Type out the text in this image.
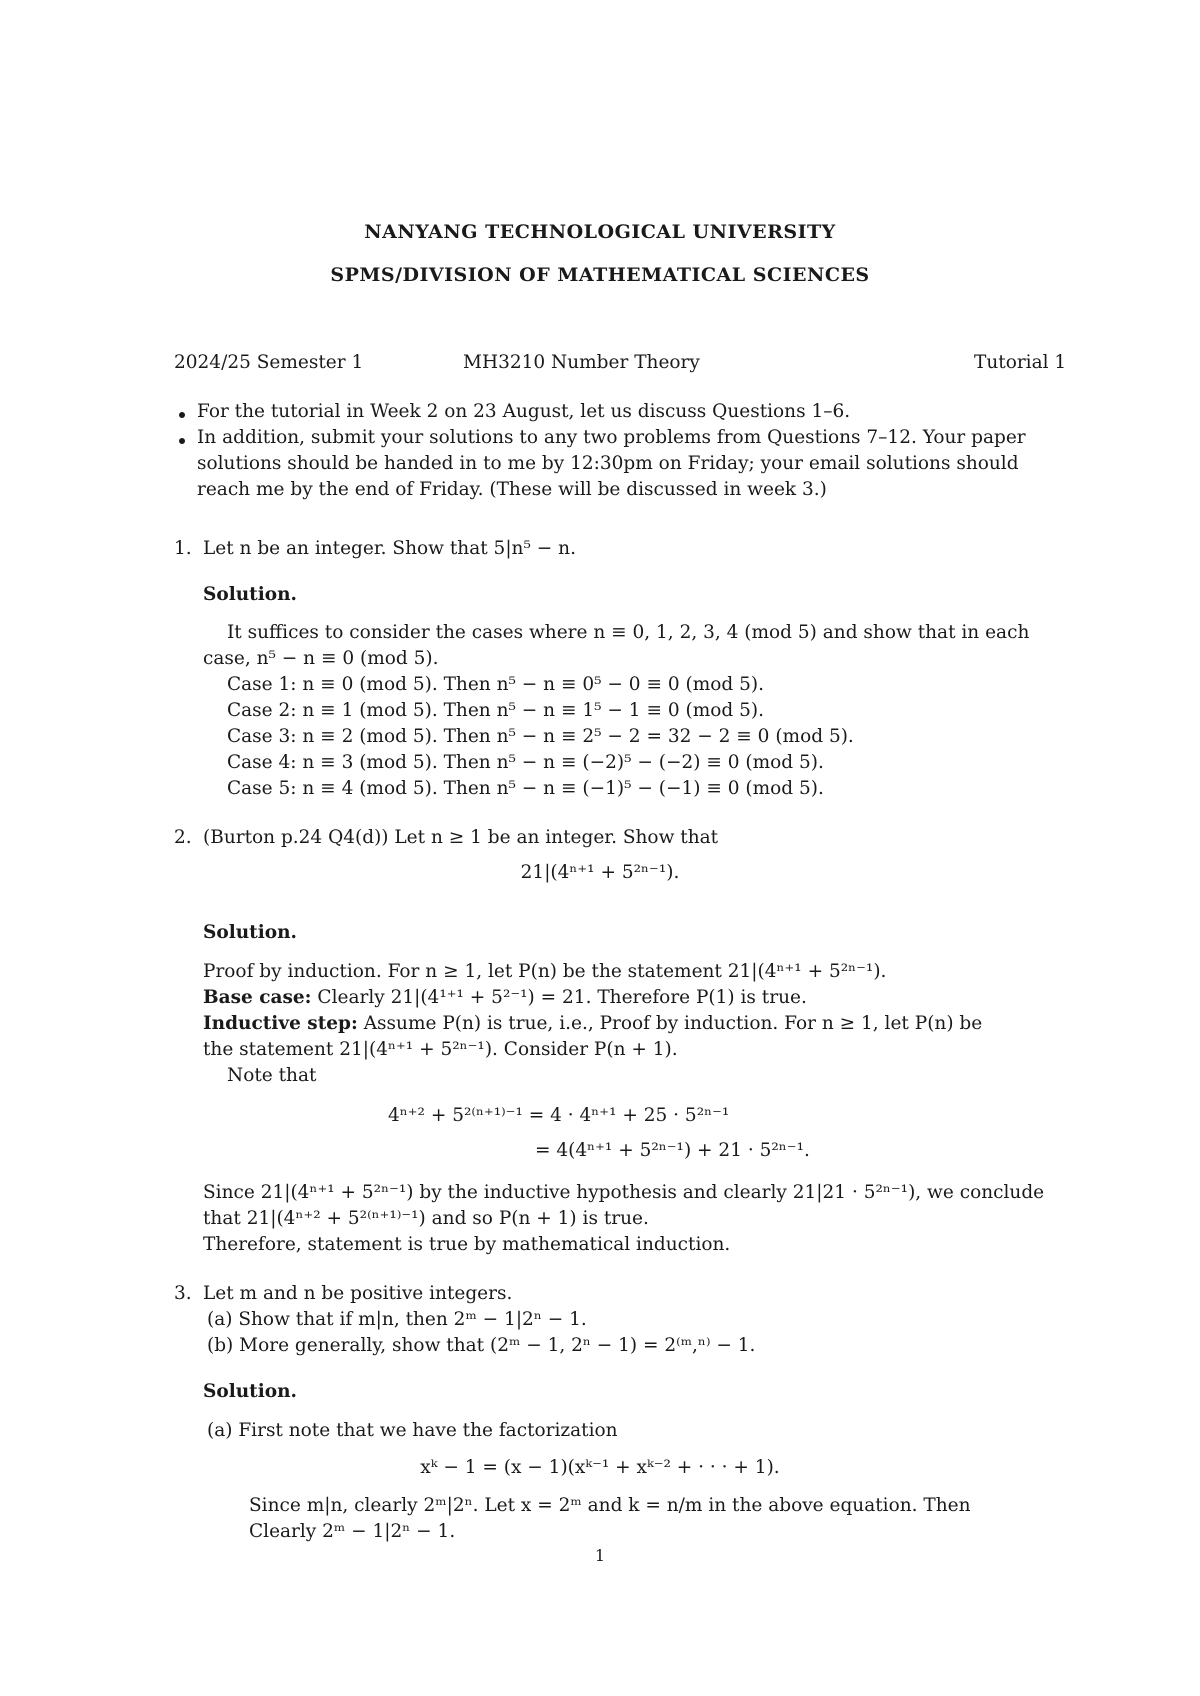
NANYANG TECHNOLOGICAL UNIVERSITY
SPMS/DIVISION OF MATHEMATICAL SCIENCES
2024/25 Semester 1	MH3210 Number Theory	Tutorial 1
For the tutorial in Week 2 on 23 August, let us discuss Questions 1–6.
In addition, submit your solutions to any two problems from Questions 7–12. Your paper
solutions should be handed in to me by 12:30pm on Friday; your email solutions should
reach me by the end of Friday. (These will be discussed in week 3.)
1. Let n be an integer. Show that 5|n⁵ − n.
Solution.
It suffices to consider the cases where n ≡ 0, 1, 2, 3, 4 (mod 5) and show that in each
case, n⁵ − n ≡ 0 (mod 5).
Case 1: n ≡ 0 (mod 5). Then n⁵ − n ≡ 0⁵ − 0 ≡ 0 (mod 5).
Case 2: n ≡ 1 (mod 5). Then n⁵ − n ≡ 1⁵ − 1 ≡ 0 (mod 5).
Case 3: n ≡ 2 (mod 5). Then n⁵ − n ≡ 2⁵ − 2 = 32 − 2 ≡ 0 (mod 5).
Case 4: n ≡ 3 (mod 5). Then n⁵ − n ≡ (−2)⁵ − (−2) ≡ 0 (mod 5).
Case 5: n ≡ 4 (mod 5). Then n⁵ − n ≡ (−1)⁵ − (−1) ≡ 0 (mod 5).
2. (Burton p.24 Q4(d)) Let n ≥ 1 be an integer. Show that
21|(4ⁿ⁺¹ + 5²ⁿ⁻¹).
Solution.
Proof by induction. For n ≥ 1, let P(n) be the statement 21|(4ⁿ⁺¹ + 5²ⁿ⁻¹).
Base case: Clearly 21|(4¹⁺¹ + 5²⁻¹) = 21. Therefore P(1) is true.
Inductive step: Assume P(n) is true, i.e., Proof by induction. For n ≥ 1, let P(n) be
the statement 21|(4ⁿ⁺¹ + 5²ⁿ⁻¹). Consider P(n + 1).
Note that
4ⁿ⁺² + 5²⁽ⁿ⁺¹⁾⁻¹ = 4 · 4ⁿ⁺¹ + 25 · 5²ⁿ⁻¹
= 4(4ⁿ⁺¹ + 5²ⁿ⁻¹) + 21 · 5²ⁿ⁻¹.
Since 21|(4ⁿ⁺¹ + 5²ⁿ⁻¹) by the inductive hypothesis and clearly 21|21 · 5²ⁿ⁻¹), we conclude
that 21|(4ⁿ⁺² + 5²⁽ⁿ⁺¹⁾⁻¹) and so P(n + 1) is true.
Therefore, statement is true by mathematical induction.
3. Let m and n be positive integers.
(a) Show that if m|n, then 2ᵐ − 1|2ⁿ − 1.
(b) More generally, show that (2ᵐ − 1, 2ⁿ − 1) = 2⁽ᵐ,ⁿ⁾ − 1.
Solution.
(a) First note that we have the factorization
xᵏ − 1 = (x − 1)(xᵏ⁻¹ + xᵏ⁻² + · · · + 1).
Since m|n, clearly 2ᵐ|2ⁿ. Let x = 2ᵐ and k = n/m in the above equation. Then
Clearly 2ᵐ − 1|2ⁿ − 1.
1
